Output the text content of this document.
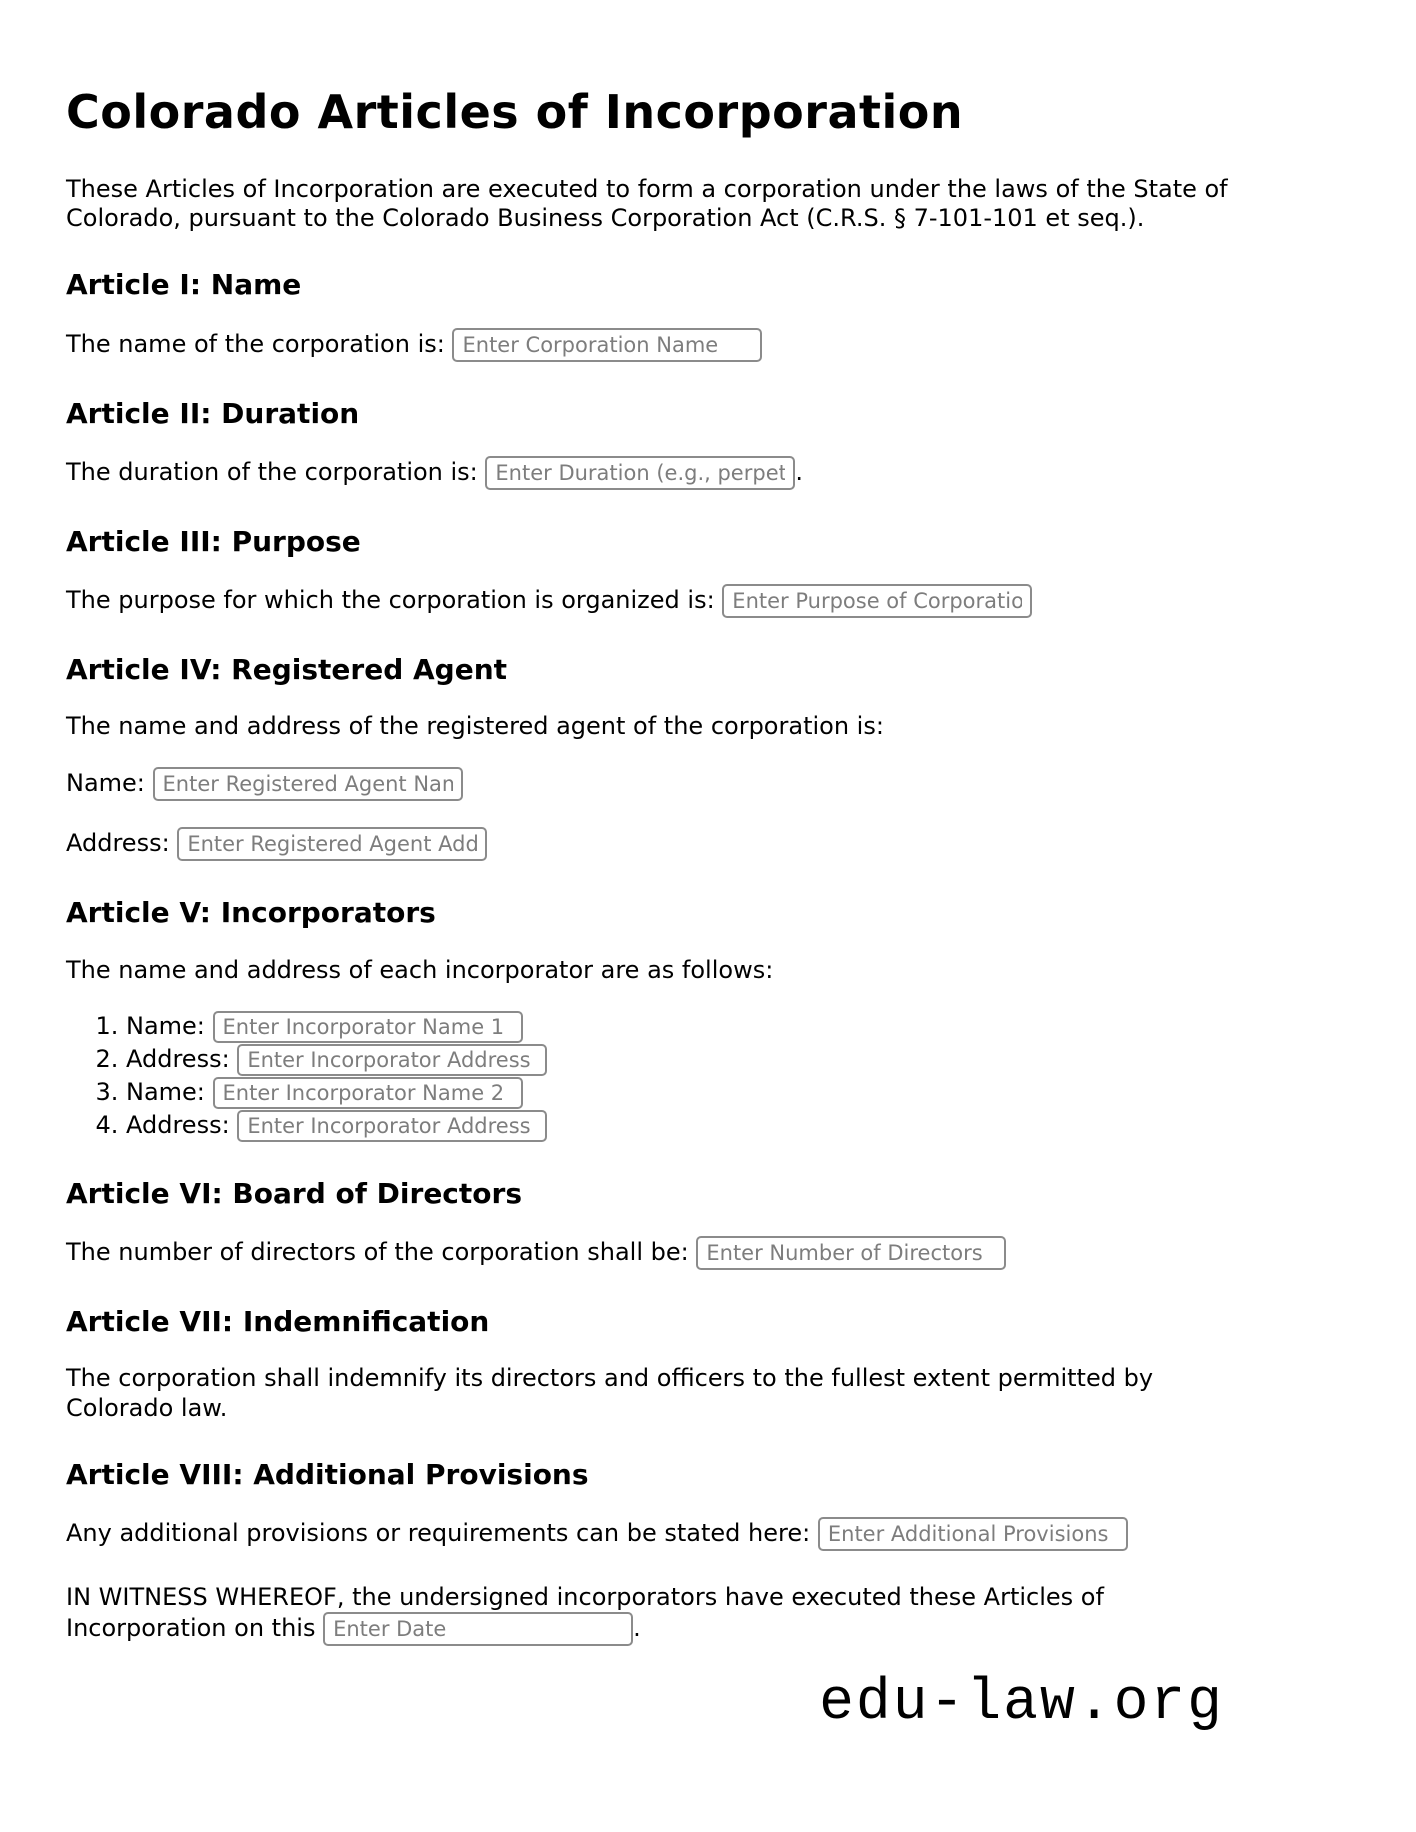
Colorado Articles of Incorporation

These Articles of Incorporation are executed to form a corporation under the laws of the State of Colorado, pursuant to the Colorado Business Corporation Act (C.R.S. § 7-101-101 et seq.).

Article I: Name

The name of the corporation is: Enter Corporation Name

Article II: Duration

The duration of the corporation is: Enter Duration (e.g., perpetual)	.

Article III: Purpose

The purpose for which the corporation is organized is: Enter Purpose of Corporation

Article IV: Registered Agent

The name and address of the registered agent of the corporation is:

Name: Enter Registered Agent Name

Address: Enter Registered Agent Address

Article V: Incorporators

The name and address of each incorporator are as follows:

1. Name: Enter Incorporator Name 1
2. Address: Enter Incorporator Address 1
3. Name: Enter Incorporator Name 2
4. Address: Enter Incorporator Address 2
Article VI: Board of Directors

The number of directors of the corporation shall be: Enter Number of Directors

Article VII: Indemnification

The corporation shall indemnify its directors and officers to the fullest extent permitted by Colorado law.

Article VIII: Additional Provisions

Any additional provisions or requirements can be stated here: Enter Additional Provisions

IN WITNESS WHEREOF, the undersigned incorporators have executed these Articles of Incorporation on this Enter Date	.

edu-law.org
